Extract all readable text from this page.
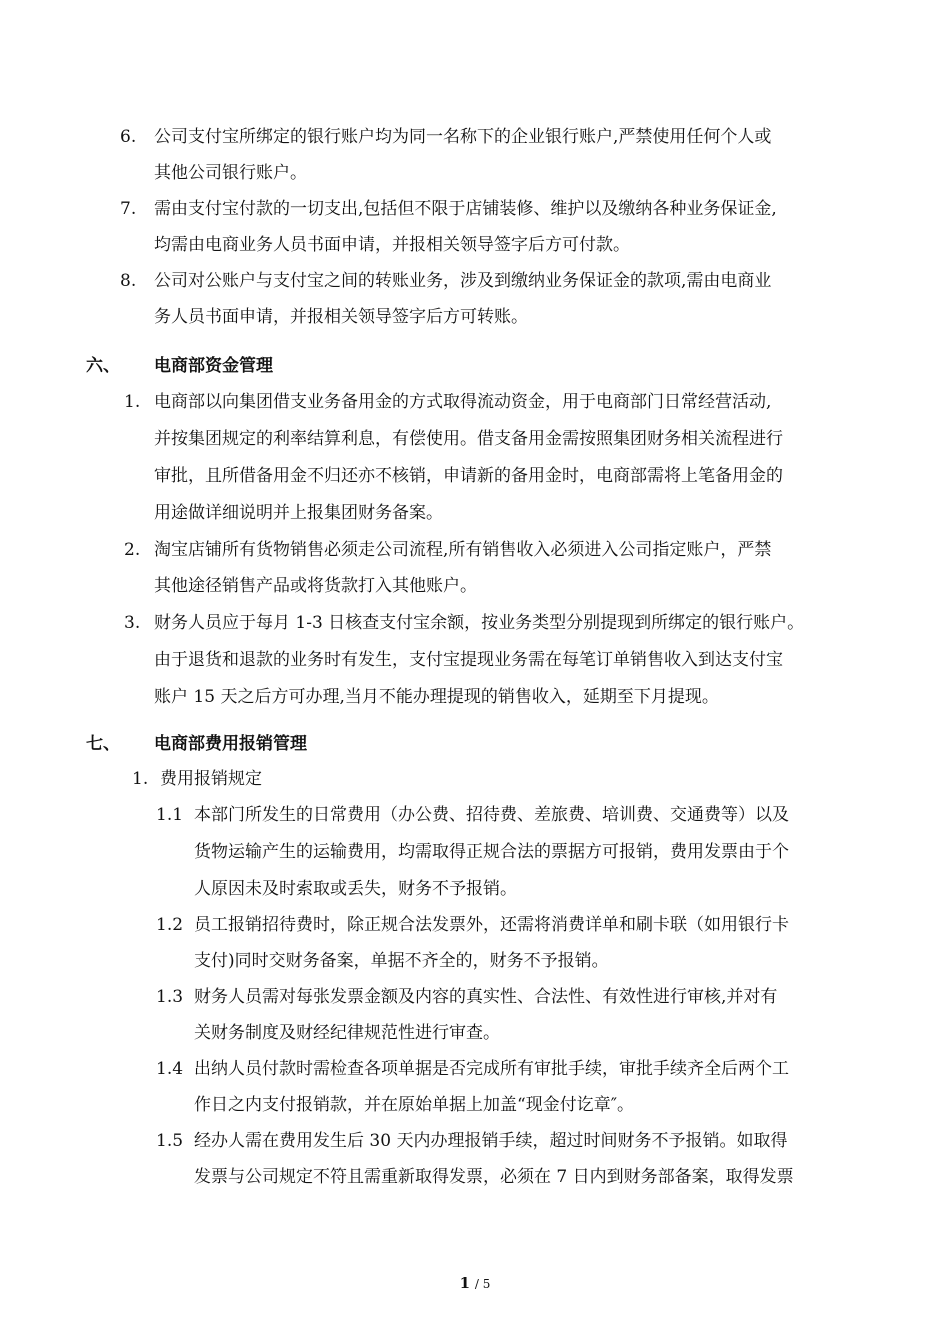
6. 公司支付宝所绑定的银行账户均为同一名称下的企业银行账户,严禁使用任何个人或
其他公司银行账户。
7. 需由支付宝付款的一切支出,包括但不限于店铺装修、维护以及缴纳各种业务保证金,
均需由电商业务人员书面申请，并报相关领导签字后方可付款。
8. 公司对公账户与支付宝之间的转账业务，涉及到缴纳业务保证金的款项,需由电商业
务人员书面申请，并报相关领导签字后方可转账。
六、 电商部资金管理
1. 电商部以向集团借支业务备用金的方式取得流动资金，用于电商部门日常经营活动,
并按集团规定的利率结算利息，有偿使用。借支备用金需按照集团财务相关流程进行
审批，且所借备用金不归还亦不核销，申请新的备用金时，电商部需将上笔备用金的
用途做详细说明并上报集团财务备案。
2. 淘宝店铺所有货物销售必须走公司流程,所有销售收入必须进入公司指定账户，严禁
其他途径销售产品或将货款打入其他账户。
3. 财务人员应于每月 1-3 日核查支付宝余额，按业务类型分别提现到所绑定的银行账户。
由于退货和退款的业务时有发生，支付宝提现业务需在每笔订单销售收入到达支付宝
账户 15 天之后方可办理,当月不能办理提现的销售收入，延期至下月提现。
七、 电商部费用报销管理
1. 费用报销规定
1.1 本部门所发生的日常费用（办公费、招待费、差旅费、培训费、交通费等）以及
货物运输产生的运输费用，均需取得正规合法的票据方可报销，费用发票由于个
人原因未及时索取或丢失，财务不予报销。
1.2 员工报销招待费时，除正规合法发票外，还需将消费详单和刷卡联（如用银行卡
支付)同时交财务备案，单据不齐全的，财务不予报销。
1.3 财务人员需对每张发票金额及内容的真实性、合法性、有效性进行审核,并对有
关财务制度及财经纪律规范性进行审查。
1.4 出纳人员付款时需检查各项单据是否完成所有审批手续，审批手续齐全后两个工
作日之内支付报销款，并在原始单据上加盖“现金付讫章″。
1.5 经办人需在费用发生后 30 天内办理报销手续，超过时间财务不予报销。如取得
发票与公司规定不符且需重新取得发票，必须在 7 日内到财务部备案，取得发票
1 / 5
